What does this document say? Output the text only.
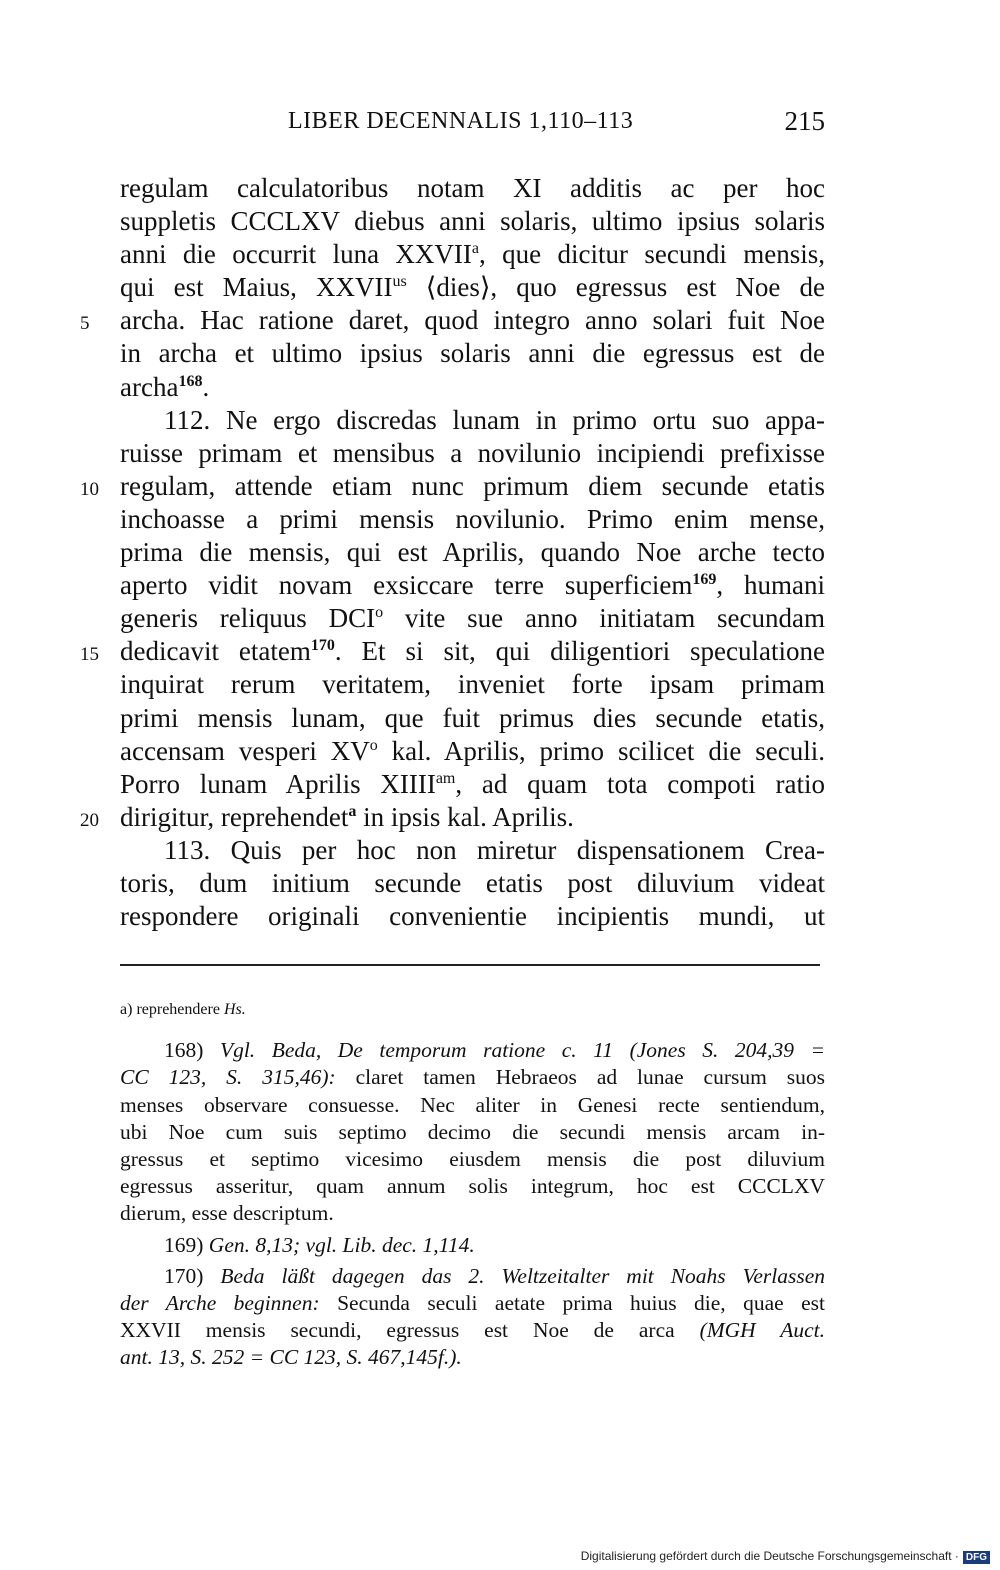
LIBER DECENNALIS 1,110–113	215
regulam calculatoribus notam XI additis ac per hoc
suppletis CCCLXV diebus anni solaris, ultimo ipsius solaris
anni die occurrit luna XXVII$^a$, que dicitur secundi mensis,
qui est Maius, $XXVII^{us}$ ⟨dies⟩, quo egressus est Noe de
5	archa. Hac ratione daret, quod integro anno solari fuit Noe
in archa et ultimo ipsius solaris anni die egressus est de
archa$^{168}$.
112. Ne ergo discredas lunam in primo ortu suo appa-
ruisse primam et mensibus a novilunio incipiendi prefixisse
10 regulam, attende etiam nunc primum diem secunde etatis
inchoasse a primi mensis novilunio. Primo enim mense,
prima die mensis, qui est Aprilis, quando Noe arche tecto
aperto vidit novam exsiccare terre superficiem$^{169}$, humani
generis reliquus DCI$^o$ vite sue anno initiatam secundam
15 dedicavit etatem$^{170}$. Et si sit, qui diligentiori speculatione
inquirat rerum veritatem, inveniet forte ipsam primam
primi mensis lunam, que fuit primus dies secunde etatis,
accensam vesperi $XV^o$ kal. Aprilis, primo scilicet die seculi.
Porro lunam Aprilis $XIIII^{am}$, ad quam tota compoti ratio
20 dirigitur, reprehendet$^a$ in ipsis kal. Aprilis.
113. Quis per hoc non miretur dispensationem Crea-
toris, dum initium secunde etatis post diluvium videat
respondere originali convenientie incipientis mundi, ut
a) reprehendere Hs.
168) Vgl. Beda, De temporum ratione c. 11 (Jones S. 204,39 =
CC 123, S. 315,46): claret tamen Hebraeos ad lunae cursum suos
menses observare consuesse. Nec aliter in Genesi recte sentiendum,
ubi Noe cum suis septimo decimo die secundi mensis arcam in-
gressus et septimo vicesimo eiusdem mensis die post diluvium
egressus asseritur, quam annum solis integrum, hoc est CCCLXV
dierum, esse descriptum.
169) Gen. 8,13; vgl. Lib. dec. 1,114.
170) Beda läßt dagegen das 2. Weltzeitalter mit Noahs Verlassen
der Arche beginnen: Secunda seculi aetate prima huius die, quae est
XXVII mensis secundi, egressus est Noe de arca (MGH Auct.
ant. 13, S. 252 = CC 123, S. 467,145f.).
Digitalisierung gefördert durch die Deutsche Forschungsgemeinschaft · DFG
